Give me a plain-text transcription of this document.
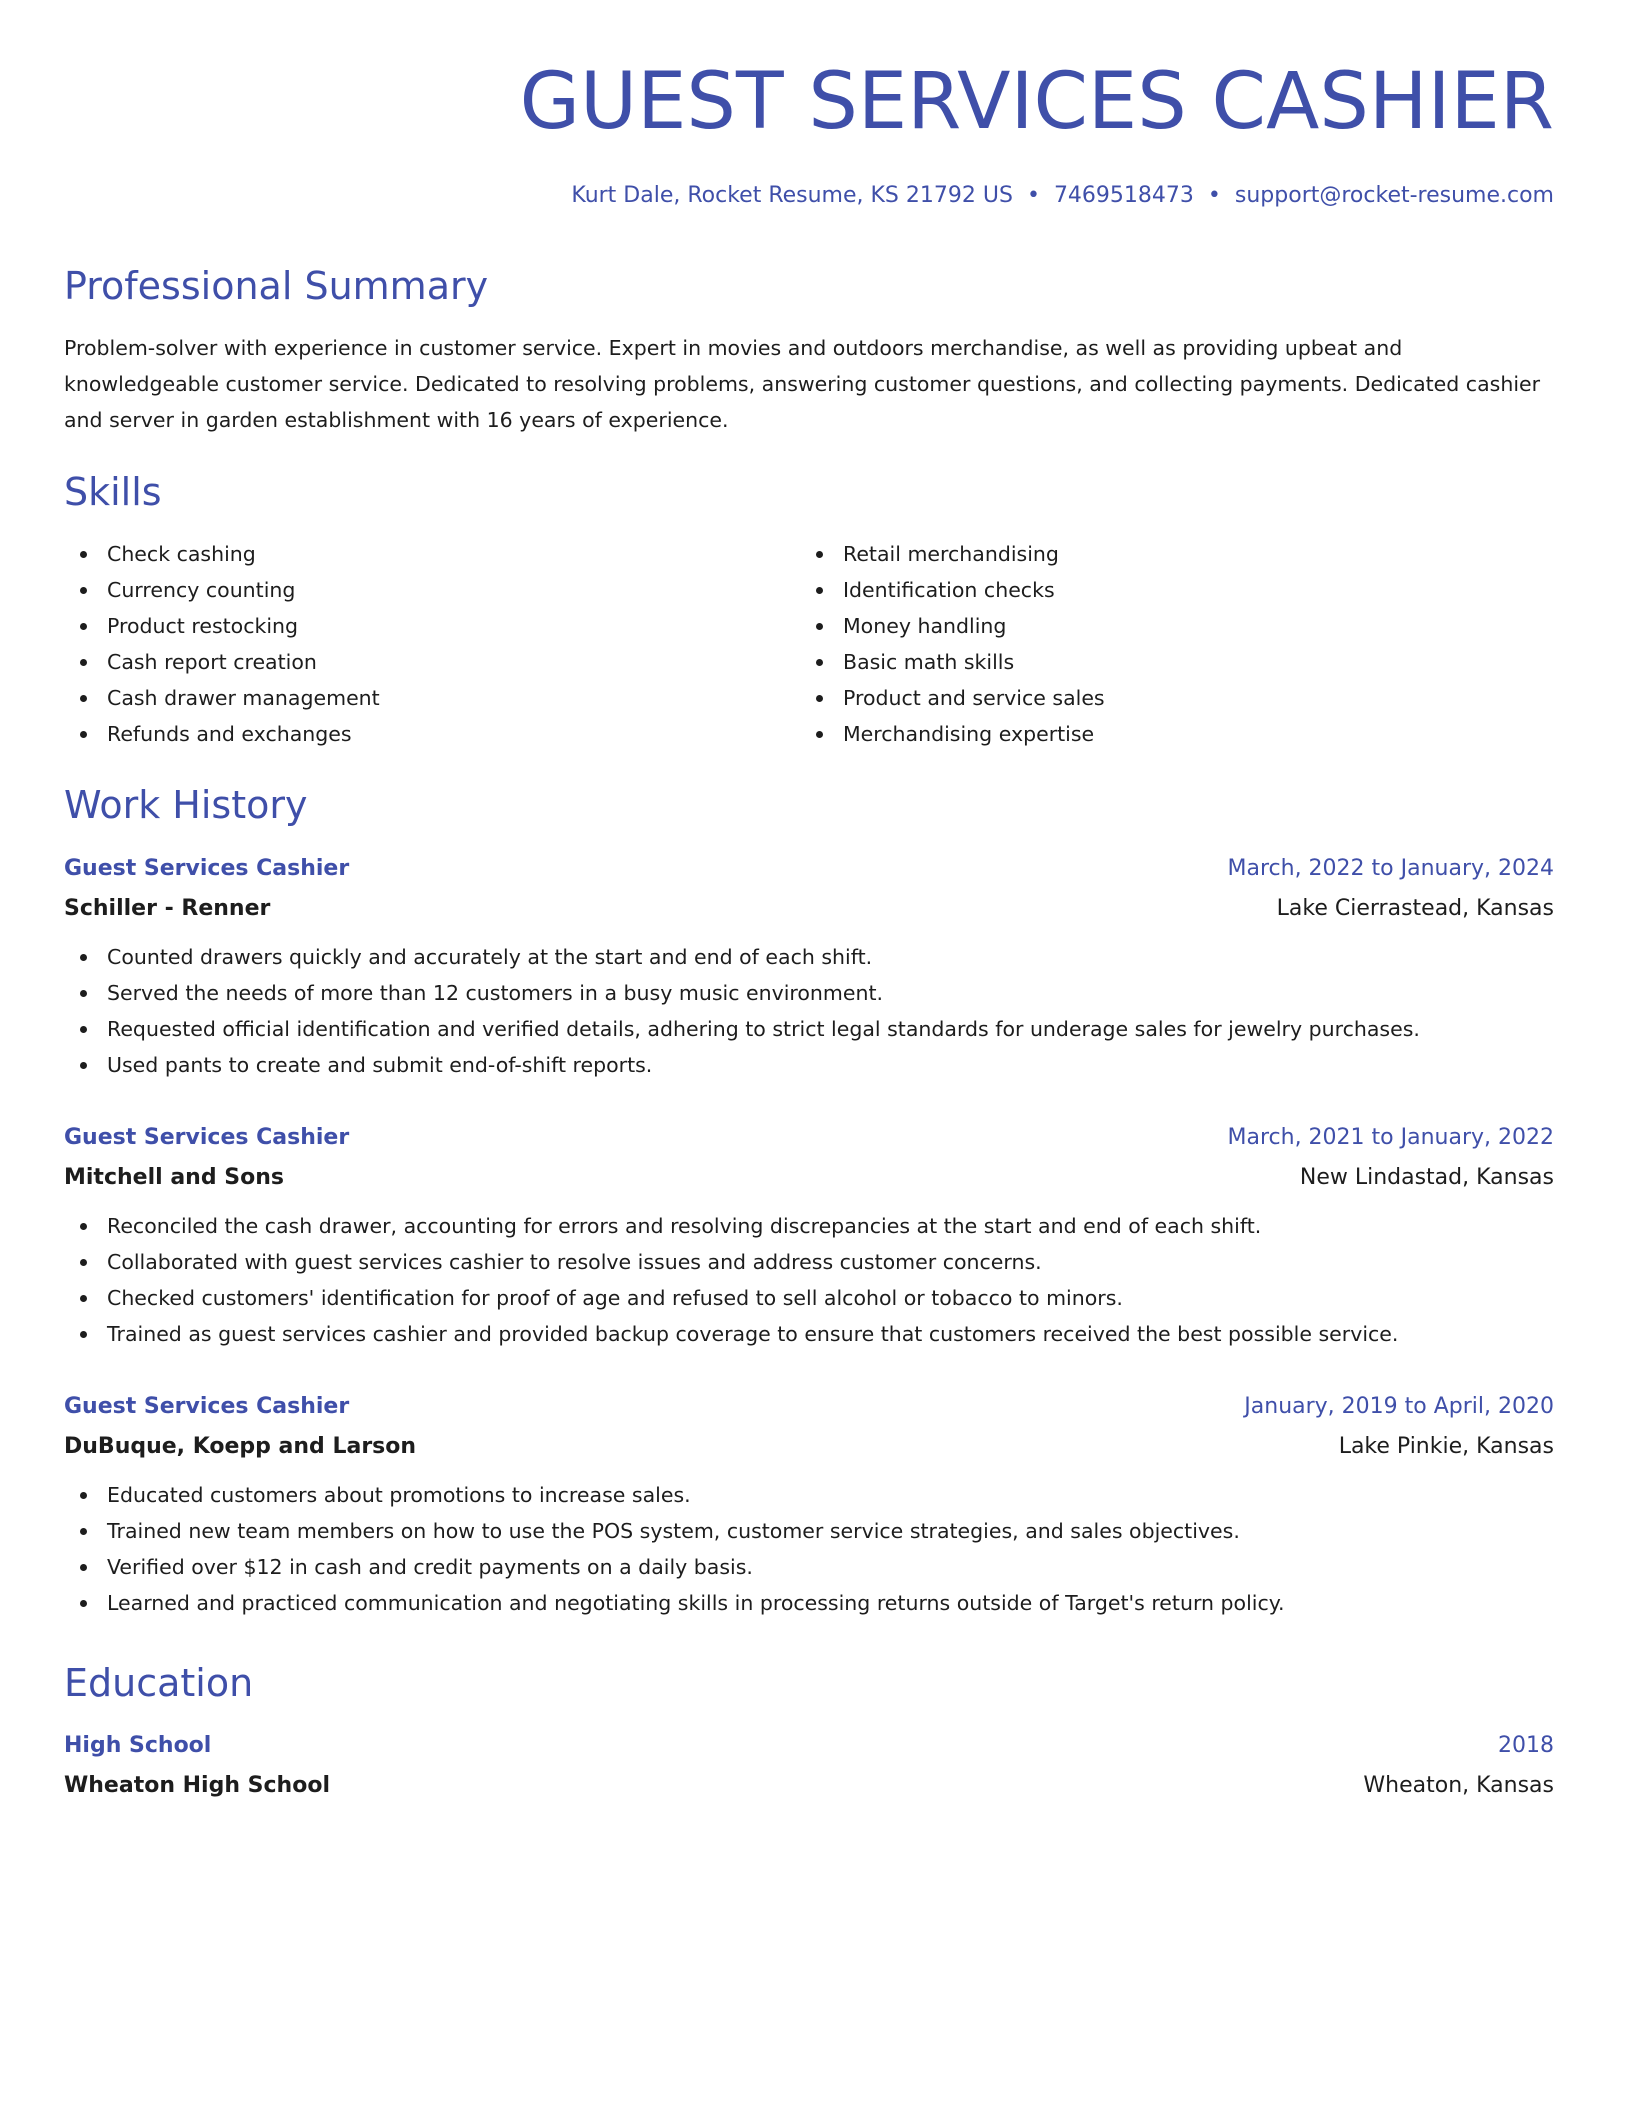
GUEST SERVICES CASHIER
Kurt Dale, Rocket Resume, KS 21792 US • 7469518473 • support@rocket-resume.com
Professional Summary

Problem-solver with experience in customer service. Expert in movies and outdoors merchandise, as well as providing upbeat and knowledgeable customer service. Dedicated to resolving problems, answering customer questions, and collecting payments. Dedicated cashier and server in garden establishment with 16 years of experience.

Skills
Check cashing
Currency counting
Product restocking
Cash report creation
Cash drawer management
Refunds and exchanges
Retail merchandising
Identification checks
Money handling
Basic math skills
Product and service sales
Merchandising expertise
Work History
Guest Services Cashier	March, 2022 to January, 2024
Schiller - Renner	Lake Cierrastead, Kansas
Counted drawers quickly and accurately at the start and end of each shift.
Served the needs of more than 12 customers in a busy music environment.
Requested official identification and verified details, adhering to strict legal standards for underage sales for jewelry purchases.
Used pants to create and submit end-of-shift reports.
Guest Services Cashier	March, 2021 to January, 2022
Mitchell and Sons	New Lindastad, Kansas
Reconciled the cash drawer, accounting for errors and resolving discrepancies at the start and end of each shift.
Collaborated with guest services cashier to resolve issues and address customer concerns.
Checked customers' identification for proof of age and refused to sell alcohol or tobacco to minors.
Trained as guest services cashier and provided backup coverage to ensure that customers received the best possible service.
Guest Services Cashier	January, 2019 to April, 2020
DuBuque, Koepp and Larson	Lake Pinkie, Kansas
Educated customers about promotions to increase sales.
Trained new team members on how to use the POS system, customer service strategies, and sales objectives.
Verified over $12 in cash and credit payments on a daily basis.
Learned and practiced communication and negotiating skills in processing returns outside of Target's return policy.
Education
High School	2018
Wheaton High School	Wheaton, Kansas
